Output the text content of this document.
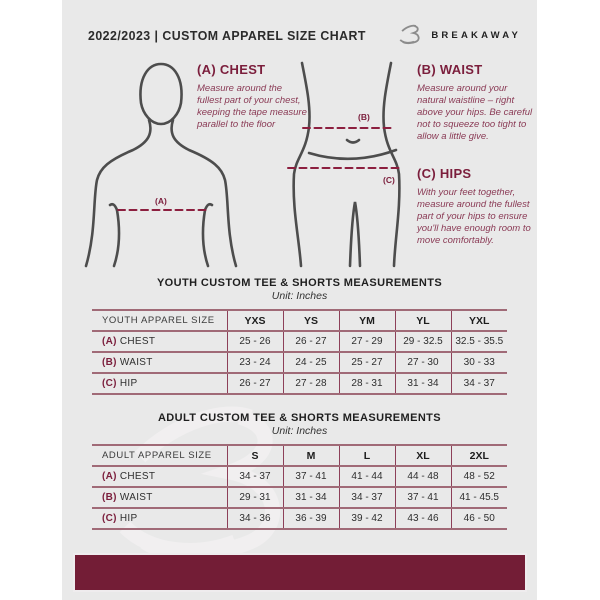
2022/2023 | CUSTOM APPAREL SIZE CHART	BREAKAWAY
(A)
(B)
(C)
(A) CHEST

Measure around the fullest part of your chest, keeping the tape measure parallel to the floor

(B) WAIST

Measure around your natural waistline – right above your hips. Be careful not to squeeze too tight to allow a little give.

(C) HIPS

With your feet together, measure around the fullest part of your hips to ensure you'll have enough room to move comfortably.

YOUTH CUSTOM TEE & SHORTS MEASUREMENTS
Unit: Inches
YOUTH APPAREL SIZE	YXS	YS	YM	YL	YXL
(A) CHEST	25 - 26	26 - 27	27 - 29	29 - 32.5	32.5 - 35.5
(B) WAIST	23 - 24	24 - 25	25 - 27	27 - 30	30 - 33
(C) HIP	26 - 27	27 - 28	28 - 31	31 - 34	34 - 37
ADULT CUSTOM TEE & SHORTS MEASUREMENTS
Unit: Inches
ADULT APPAREL SIZE	S	M	L	XL	2XL
(A) CHEST	34 - 37	37 - 41	41 - 44	44 - 48	48 - 52
(B) WAIST	29 - 31	31 - 34	34 - 37	37 - 41	41 - 45.5
(C) HIP	34 - 36	36 - 39	39 - 42	43 - 46	46 - 50
